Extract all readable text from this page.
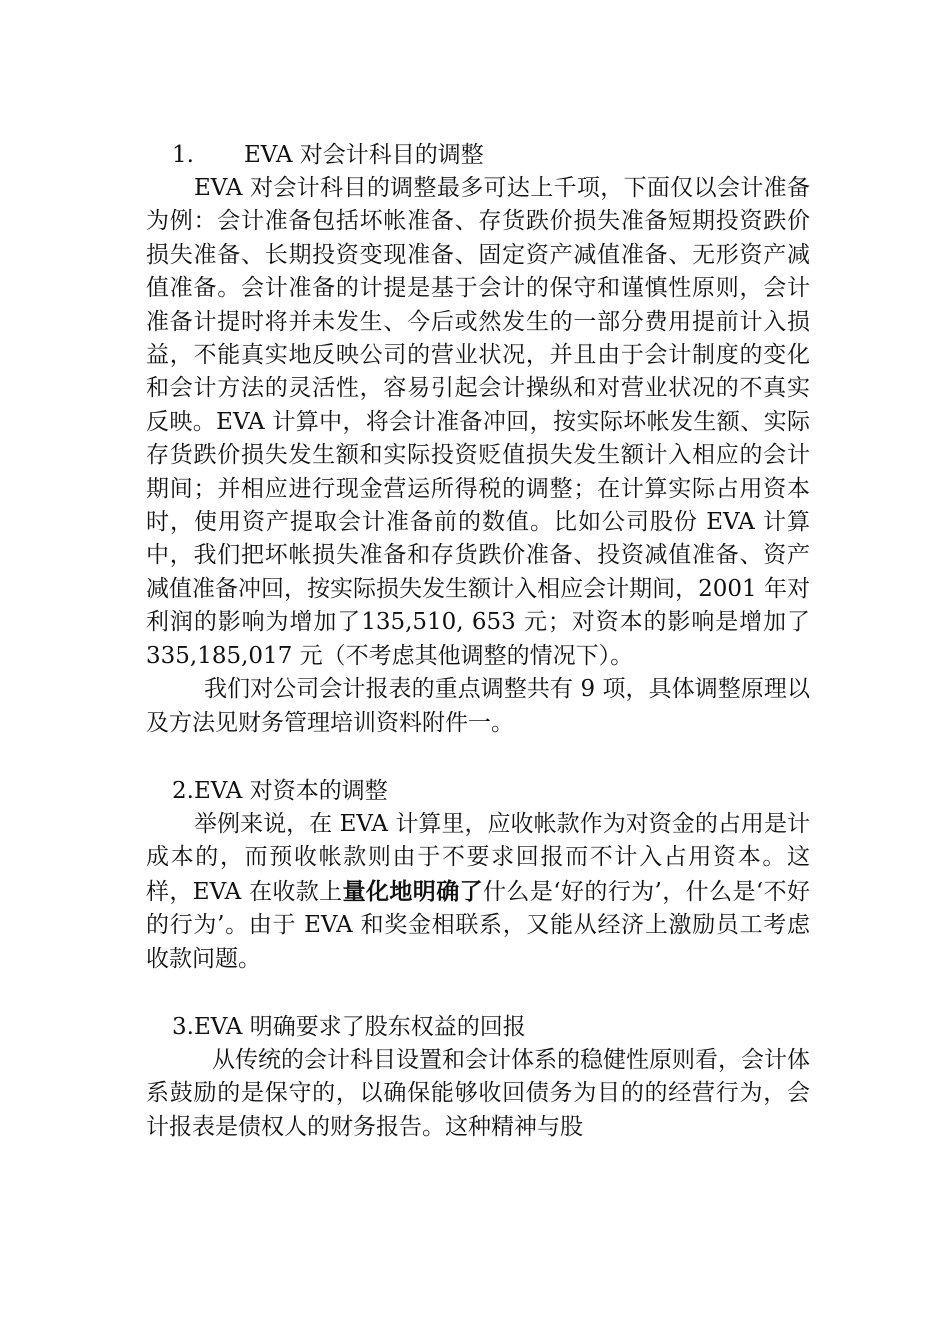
1. EVA 对会计科目的调整

EVA 对会计科目的调整最多可达上千项，下面仅以会计准备为例：会计准备包括坏帐准备、存货跌价损失准备短期投资跌价损失准备、长期投资变现准备、固定资产减值准备、无形资产减值准备。会计准备的计提是基于会计的保守和谨慎性原则，会计准备计提时将并未发生、今后或然发生的一部分费用提前计入损益，不能真实地反映公司的营业状况，并且由于会计制度的变化和会计方法的灵活性，容易引起会计操纵和对营业状况的不真实反映。EVA 计算中，将会计准备冲回，按实际坏帐发生额、实际存货跌价损失发生额和实际投资贬值损失发生额计入相应的会计期间；并相应进行现金营运所得税的调整；在计算实际占用资本时，使用资产提取会计准备前的数值。比如公司股份 EVA 计算中，我们把坏帐损失准备和存货跌价准备、投资减值准备、资产减值准备冲回，按实际损失发生额计入相应会计期间，2001 年对利润的影响为增加了135,510, 653 元；对资本的影响是增加了 335,185,017 元（不考虑其他调整的情况下）。

我们对公司会计报表的重点调整共有 9 项，具体调整原理以及方法见财务管理培训资料附件一。

2.EVA 对资本的调整

举例来说，在 EVA 计算里，应收帐款作为对资金的占用是计成本的，而预收帐款则由于不要求回报而不计入占用资本。这样，EVA 在收款上量化地明确了什么是‘好的行为’，什么是‘不好的行为’。由于 EVA 和奖金相联系，又能从经济上激励员工考虑收款问题。

3.EVA 明确要求了股东权益的回报

从传统的会计科目设置和会计体系的稳健性原则看，会计体系鼓励的是保守的，以确保能够收回债务为目的的经营行为，会计报表是债权人的财务报告。这种精神与股
